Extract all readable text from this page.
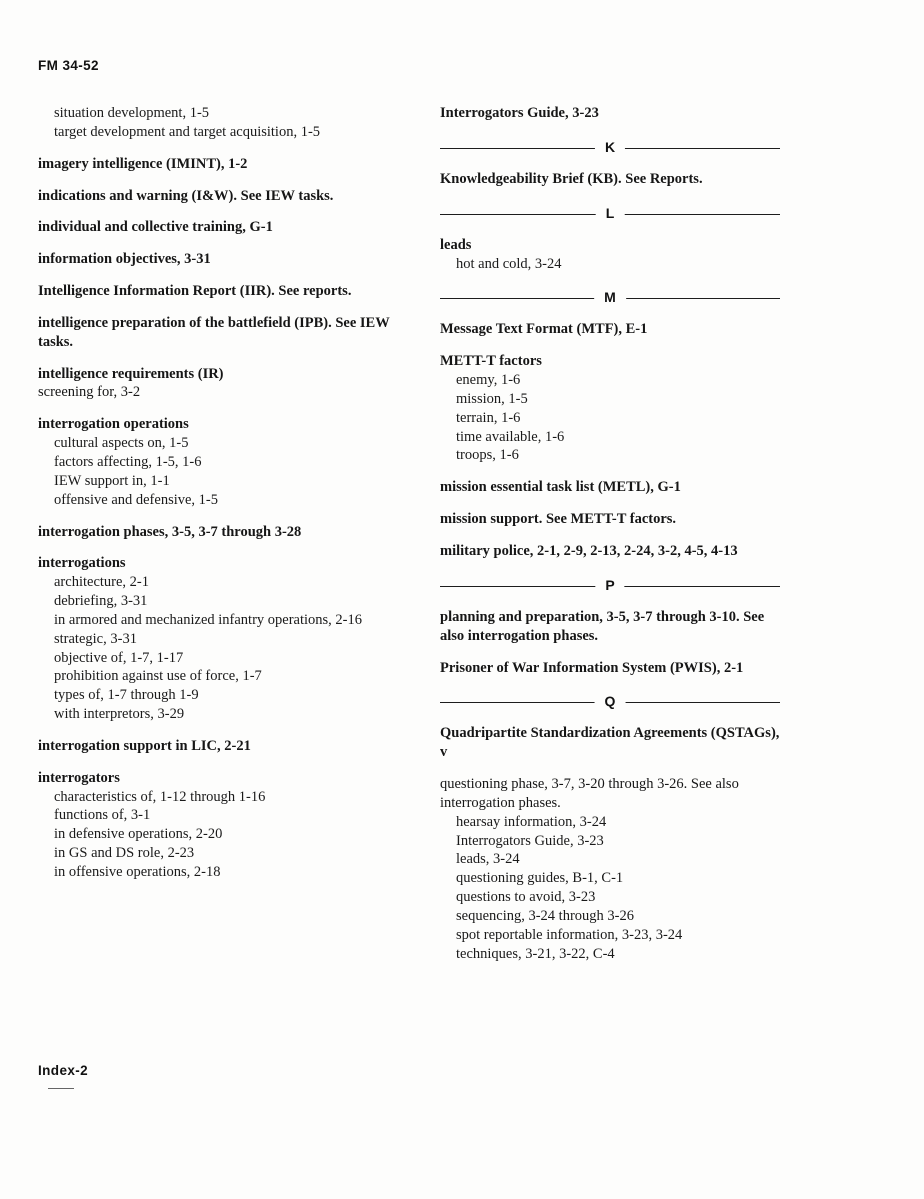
FM 34-52
situation development, 1-5
target development and target acquisition, 1-5
imagery intelligence (IMINT), 1-2
indications and warning (I&W). See IEW tasks.
individual and collective training, G-1
information objectives, 3-31
Intelligence Information Report (IIR). See reports.
intelligence preparation of the battlefield (IPB). See IEW tasks.
intelligence requirements (IR)
screening for, 3-2
interrogation operations
cultural aspects on, 1-5
factors affecting, 1-5, 1-6
IEW support in, 1-1
offensive and defensive, 1-5
interrogation phases, 3-5, 3-7 through 3-28
interrogations
architecture, 2-1
debriefing, 3-31
in armored and mechanized infantry operations, 2-16
strategic, 3-31
objective of, 1-7, 1-17
prohibition against use of force, 1-7
types of, 1-7 through 1-9
with interpretors, 3-29
interrogation support in LIC, 2-21
interrogators
characteristics of, 1-12 through 1-16
functions of, 3-1
in defensive operations, 2-20
in GS and DS role, 2-23
in offensive operations, 2-18
Interrogators Guide, 3-23
K
Knowledgeability Brief (KB). See Reports.
L
leads
hot and cold, 3-24
M
Message Text Format (MTF), E-1
METT-T factors
enemy, 1-6
mission, 1-5
terrain, 1-6
time available, 1-6
troops, 1-6
mission essential task list (METL), G-1
mission support. See METT-T factors.
military police, 2-1, 2-9, 2-13, 2-24, 3-2, 4-5, 4-13
P
planning and preparation, 3-5, 3-7 through 3-10. See also interrogation phases.
Prisoner of War Information System (PWIS), 2-1
Q
Quadripartite Standardization Agreements (QSTAGs), v
questioning phase, 3-7, 3-20 through 3-26. See also interrogation phases.
hearsay information, 3-24
Interrogators Guide, 3-23
leads, 3-24
questioning guides, B-1, C-1
questions to avoid, 3-23
sequencing, 3-24 through 3-26
spot reportable information, 3-23, 3-24
techniques, 3-21, 3-22, C-4
Index-2
